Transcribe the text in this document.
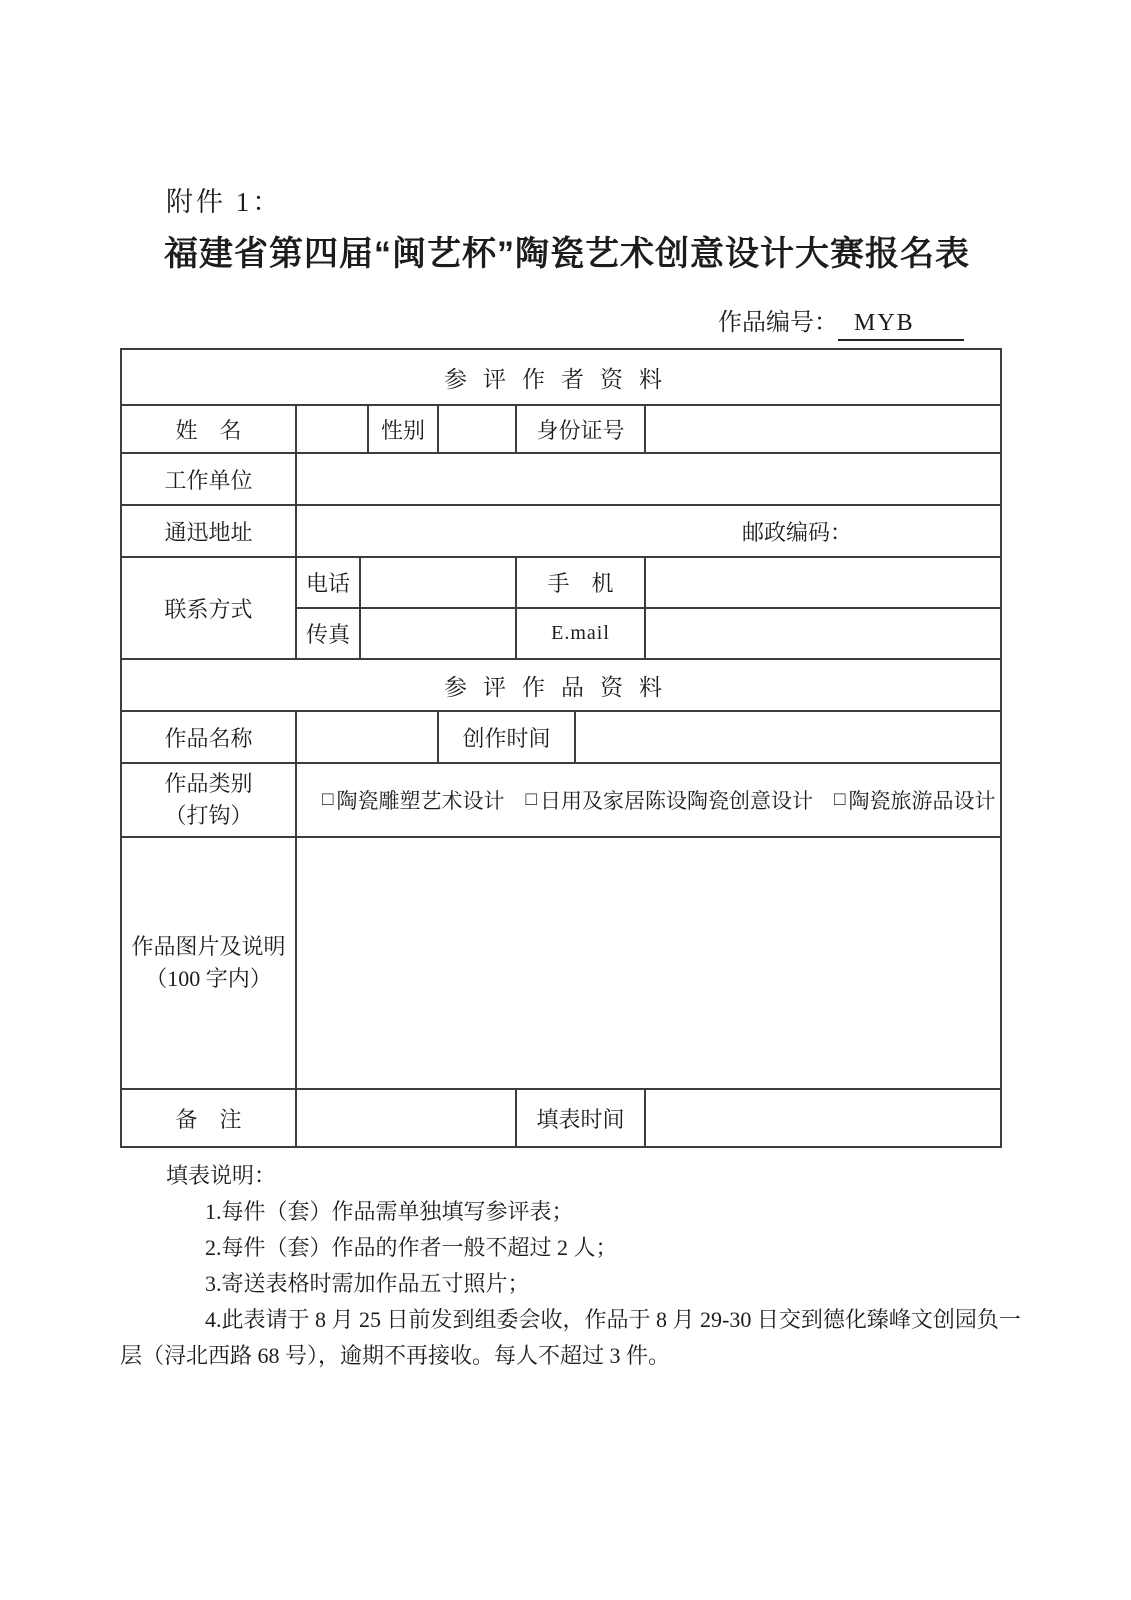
附件 1：
福建省第四届“闽艺杯”陶瓷艺术创意设计大赛报名表
作品编号： MYB
参评作者资料
姓　名	性别	身份证号
工作单位
通迅地址	邮政编码：
联系方式
电话	手　机
传真	E.mail
参评作品资料
作品名称	创作时间
作品类别
（打钩）
□ 陶瓷雕塑艺术设计 □ 日用及家居陈设陶瓷创意设计 □ 陶瓷旅游品设计
作品图片及说明
（100 字内）
备　注	填表时间
填表说明：
1.每件（套）作品需单独填写参评表；
2.每件（套）作品的作者一般不超过 2 人；
3.寄送表格时需加作品五寸照片；
4.此表请于 8 月 25 日前发到组委会收，作品于 8 月 29-30 日交到德化臻峰文创园负一层（浔北西路 68 号），逾期不再接收。每人不超过 3 件。
